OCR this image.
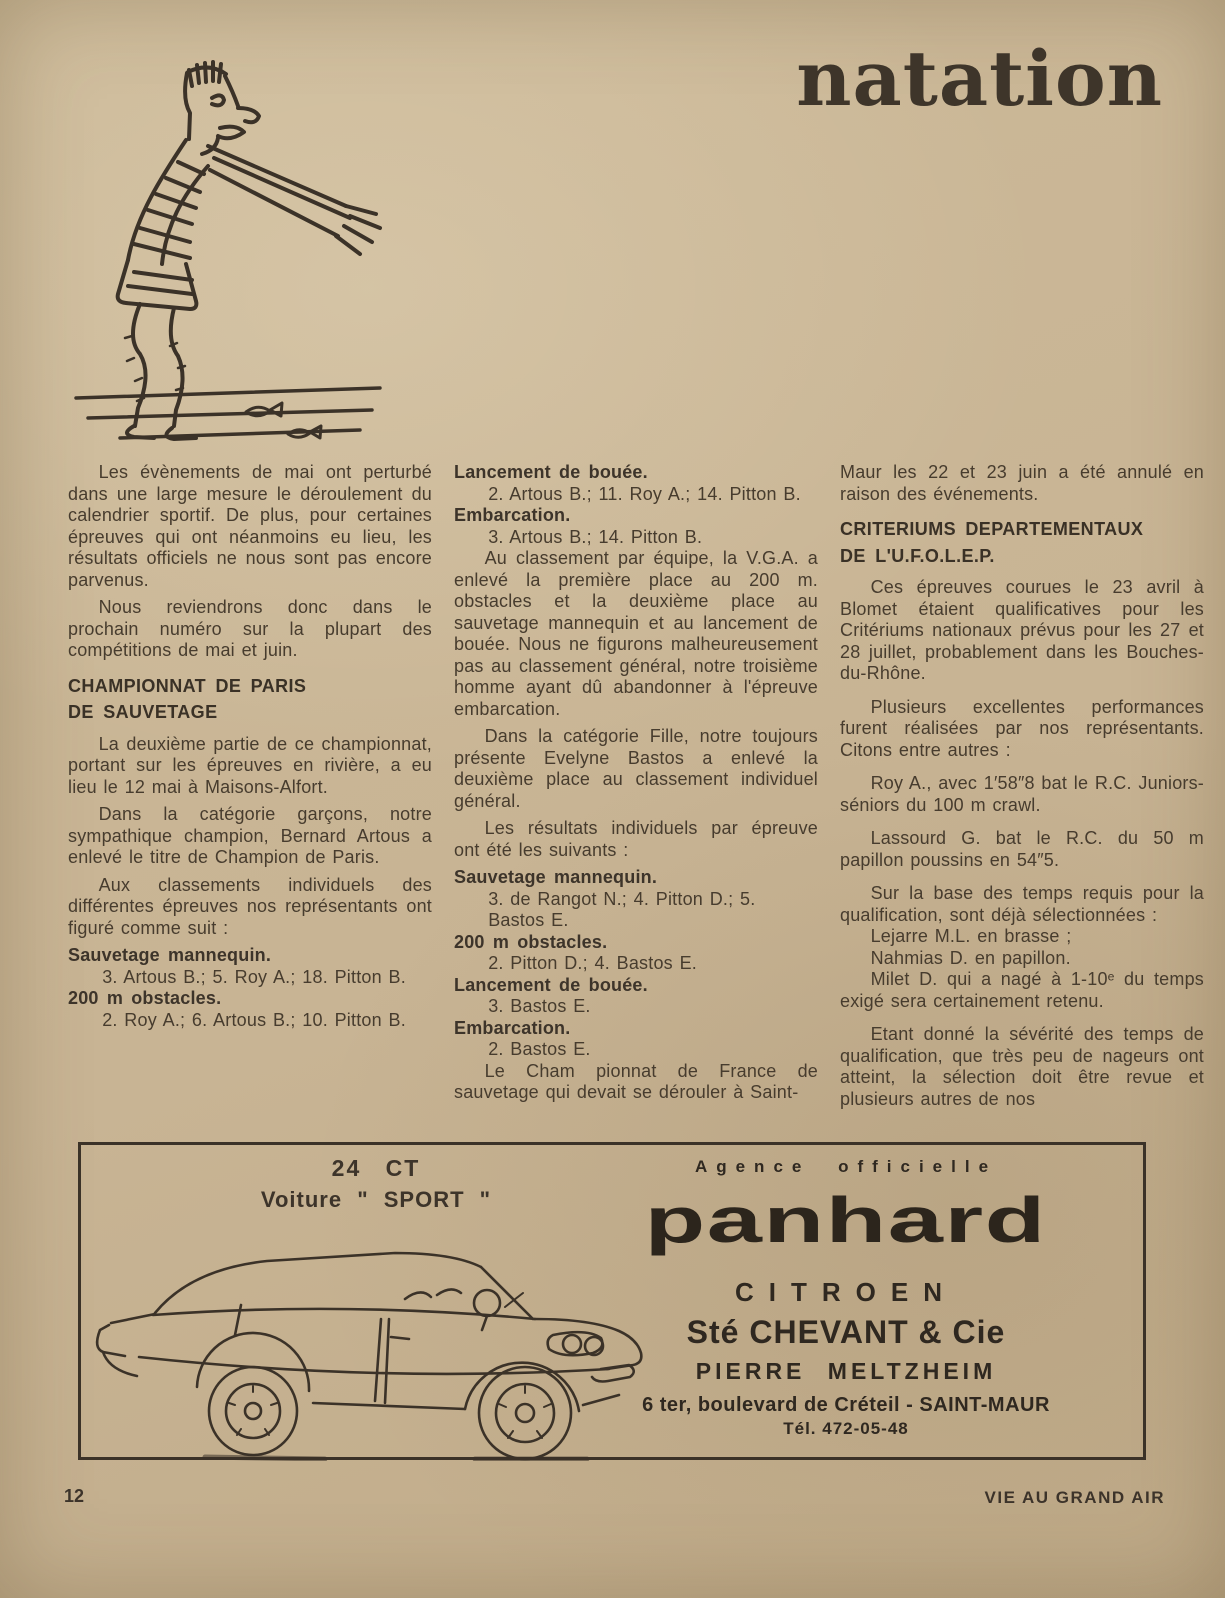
natation

Les évènements de mai ont perturbé dans une large mesure le déroulement du calendrier sportif. De plus, pour certaines épreuves qui ont néanmoins eu lieu, les résultats officiels ne nous sont pas encore parvenus.

Nous reviendrons donc dans le prochain numéro sur la plupart des compétitions de mai et juin.

CHAMPIONNAT DE PARIS

DE SAUVETAGE

La deuxième partie de ce championnat, portant sur les épreuves en rivière, a eu lieu le 12 mai à Maisons-Alfort.

Dans la catégorie garçons, notre sympathique champion, Bernard Artous a enlevé le titre de Champion de Paris.

Aux classements individuels des différentes épreuves nos représentants ont figuré comme suit :

Sauvetage mannequin.

3. Artous B.; 5. Roy A.; 18. Pitton B.

200 m obstacles.

2. Roy A.; 6. Artous B.; 10. Pitton B.

Lancement de bouée.

2. Artous B.; 11. Roy A.; 14. Pitton B.

Embarcation.

3. Artous B.; 14. Pitton B.

Au classement par équipe, la V.G.A. a enlevé la première place au 200 m. obstacles et la deuxième place au sauvetage mannequin et au lancement de bouée. Nous ne figurons malheureusement pas au classement général, notre troisième homme ayant dû abandonner à l'épreuve embarcation.

Dans la catégorie Fille, notre toujours présente Evelyne Bastos a enlevé la deuxième place au classement individuel général.

Les résultats individuels par épreuve ont été les suivants :

Sauvetage mannequin.

3. de Rangot N.; 4. Pitton D.; 5. Bastos E.

200 m obstacles.

2. Pitton D.; 4. Bastos E.

Lancement de bouée.

3. Bastos E.

Embarcation.

2. Bastos E.

Le Cham pionnat de France de sauvetage qui devait se dérouler à Saint-

Maur les 22 et 23 juin a été annulé en raison des événements.

CRITERIUMS DEPARTEMENTAUX

DE L'U.F.O.L.E.P.

Ces épreuves courues le 23 avril à Blomet étaient qualificatives pour les Critériums nationaux prévus pour les 27 et 28 juillet, probablement dans les Bouches-du-Rhône.

Plusieurs excellentes performances furent réalisées par nos représentants. Citons entre autres :

Roy A., avec 1′58″8 bat le R.C. Juniors-séniors du 100 m crawl.

Lassourd G. bat le R.C. du 50 m papillon poussins en 54″5.

Sur la base des temps requis pour la qualification, sont déjà sélectionnées :

Lejarre M.L. en brasse ;

Nahmias D. en papillon.

Milet D. qui a nagé à 1-10ᵉ du temps exigé sera certainement retenu.

Etant donné la sévérité des temps de qualification, que très peu de nageurs ont atteint, la sélection doit être revue et plusieurs autres de nos

24 CT
Voiture " SPORT "
Agence officielle
panhard
CITROEN
Sté CHEVANT & Cie
PIERRE MELTZHEIM
6 ter, boulevard de Créteil - SAINT-MAUR
Tél. 472-05-48
12	VIE AU GRAND AIR
